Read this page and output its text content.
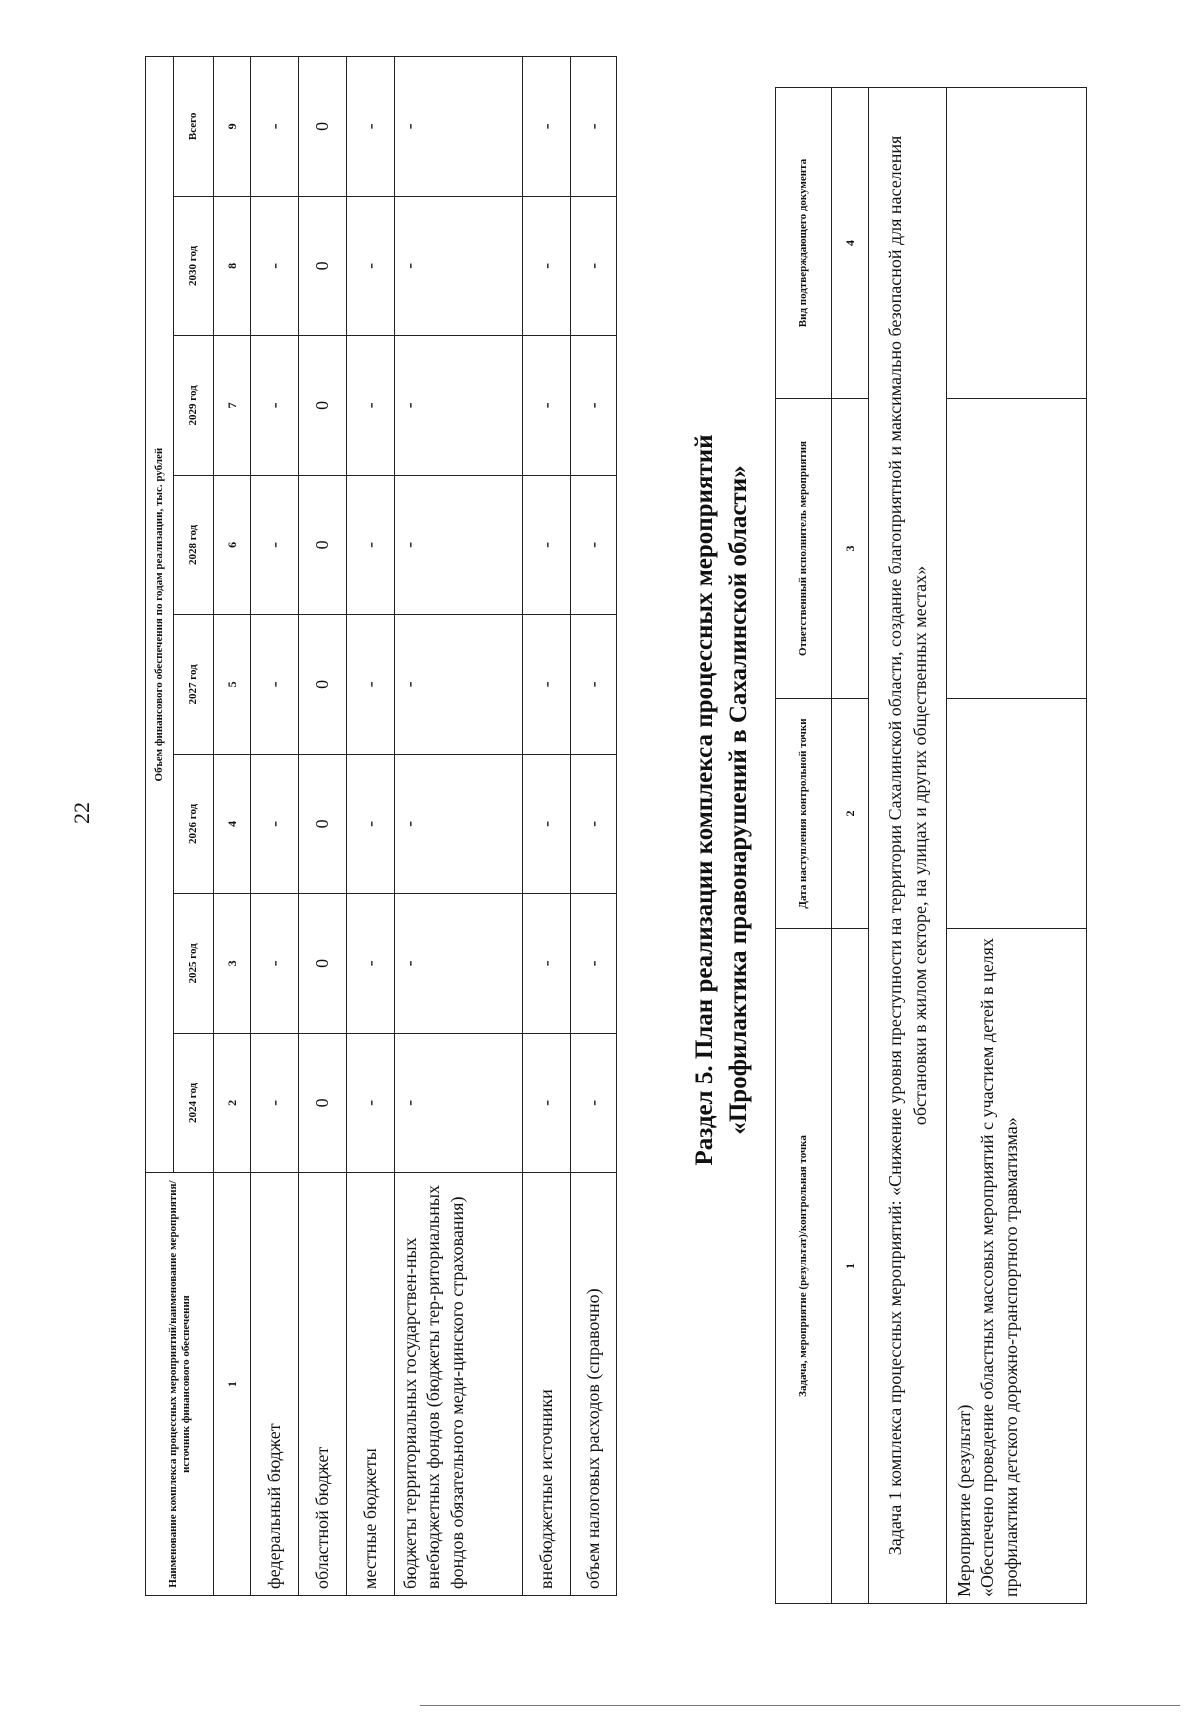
22
Наименование комплекса процессных мероприятий/наименование мероприятия/ источник финансового обеспечения	Объем финансового обеспечения по годам реализации, тыс. рублей							
	2024 год	2025 год	2026 год	2027 год	2028 год	2029 год	2030 год	Всего
1	2	3	4	5	6	7	8	9
федеральный бюджет	-	-	-	-	-	-	-	-
областной бюджет	0	0	0	0	0	0	0	0
местные бюджеты	-	-	-	-	-	-	-	-
бюджеты территориальных государствен-ных внебюджетных фондов (бюджеты тер-риториальных фондов обязательного меди-цинского страхования)	-	-	-	-	-	-	-	-
внебюджетные источники	-	-	-	-	-	-	-	-
объем налоговых расходов (справочно)	-	-	-	-	-	-	-	-
Раздел 5. План реализации комплекса процессных мероприятий «Профилактика правонарушений в Сахалинской области»
Задача, мероприятие (результат)/контрольная точка	Дата наступления контрольной точки	Ответственный исполнитель мероприятия	Вид подтверждающего документа
1	2	3	4
Задача 1 комплекса процессных мероприятий: «Снижение уровня преступности на территории Сахалинской области, создание благоприятной и максимально безопасной для населения обстановки в жилом секторе, на улицах и других общественных местах»			

Мероприятие (результат) «Обеспечено проведение областных массовых мероприятий с участием детей в целях профилактики детского дорожно-транспортного травматизма»			
